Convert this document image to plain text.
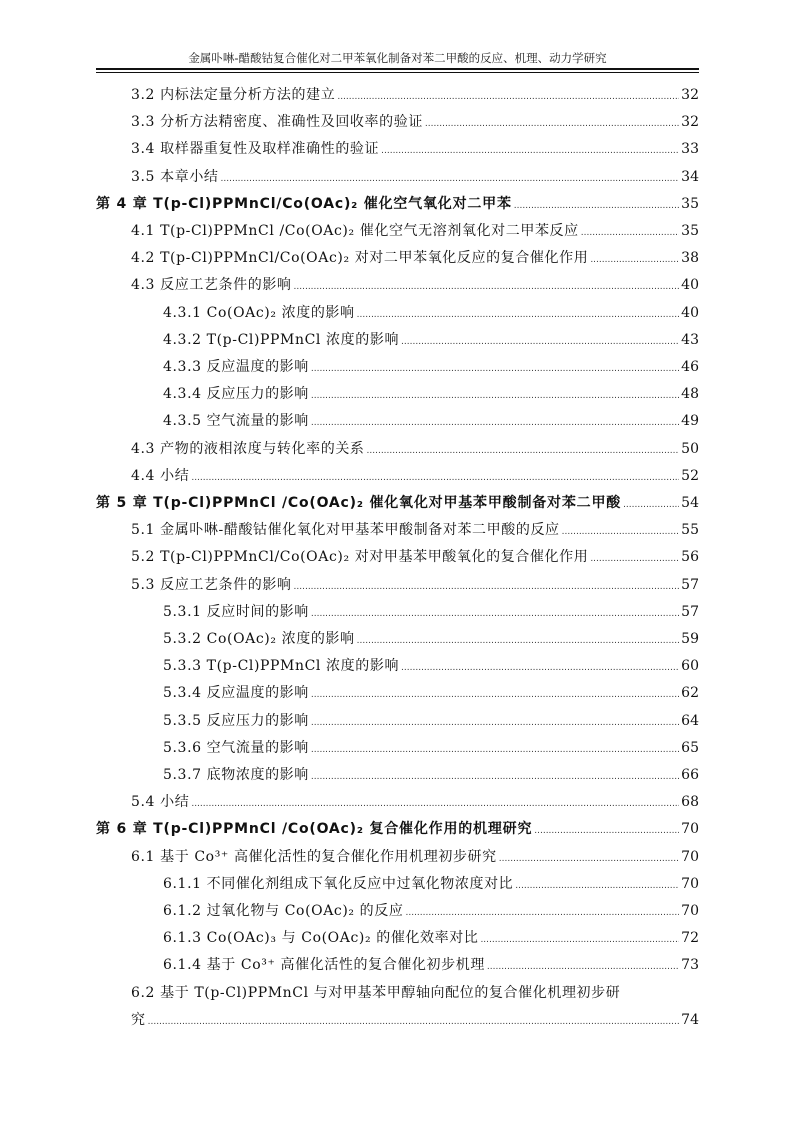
金属卟啉-醋酸钴复合催化对二甲苯氧化制备对苯二甲酸的反应、机理、动力学研究
3.2 内标法定量分析方法的建立 .....	32
3.3 分析方法精密度、准确性及回收率的验证 .....	32
3.4 取样器重复性及取样准确性的验证 .....	33
3.5 本章小结 .....	34
第 4 章 T(p-Cl)PPMnCl/Co(OAc)₂ 催化空气氧化对二甲苯 .....	35
4.1 T(p-Cl)PPMnCl /Co(OAc)₂ 催化空气无溶剂氧化对二甲苯反应 .....	35
4.2 T(p-Cl)PPMnCl/Co(OAc)₂ 对对二甲苯氧化反应的复合催化作用 .....	38
4.3 反应工艺条件的影响 .....	40
4.3.1 Co(OAc)₂ 浓度的影响 .....	40
4.3.2 T(p-Cl)PPMnCl 浓度的影响 .....	43
4.3.3 反应温度的影响 .....	46
4.3.4 反应压力的影响 .....	48
4.3.5 空气流量的影响 .....	49
4.3 产物的液相浓度与转化率的关系 .....	50
4.4 小结 .....	52
第 5 章 T(p-Cl)PPMnCl /Co(OAc)₂ 催化氧化对甲基苯甲酸制备对苯二甲酸 .....	54
5.1 金属卟啉-醋酸钴催化氧化对甲基苯甲酸制备对苯二甲酸的反应 .....	55
5.2 T(p-Cl)PPMnCl/Co(OAc)₂ 对对甲基苯甲酸氧化的复合催化作用 .....	56
5.3 反应工艺条件的影响 .....	57
5.3.1 反应时间的影响 .....	57
5.3.2 Co(OAc)₂ 浓度的影响 .....	59
5.3.3 T(p-Cl)PPMnCl 浓度的影响 .....	60
5.3.4 反应温度的影响 .....	62
5.3.5 反应压力的影响 .....	64
5.3.6 空气流量的影响 .....	65
5.3.7 底物浓度的影响 .....	66
5.4 小结 .....	68
第 6 章 T(p-Cl)PPMnCl /Co(OAc)₂ 复合催化作用的机理研究 .....	70
6.1 基于 Co³⁺ 高催化活性的复合催化作用机理初步研究 .....	70
6.1.1 不同催化剂组成下氧化反应中过氧化物浓度对比 .....	70
6.1.2 过氧化物与 Co(OAc)₂ 的反应 .....	70
6.1.3 Co(OAc)₃ 与 Co(OAc)₂ 的催化效率对比 .....	72
6.1.4 基于 Co³⁺ 高催化活性的复合催化初步机理 .....	73
6.2 基于 T(p-Cl)PPMnCl 与对甲基苯甲醇轴向配位的复合催化机理初步研
究 .....	74
